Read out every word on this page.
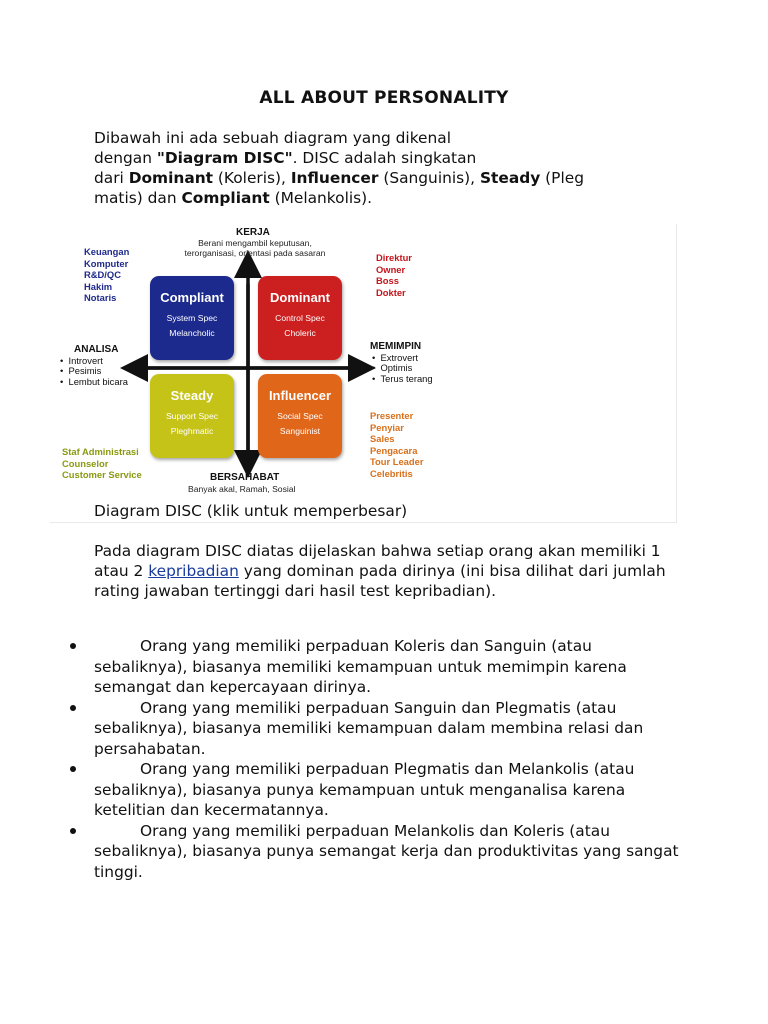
ALL ABOUT PERSONALITY
Dibawah ini ada sebuah diagram yang dikenal
dengan "Diagram DISC". DISC adalah singkatan
dari Dominant (Koleris), Influencer (Sanguinis), Steady (Pleg
matis) dan Compliant (Melankolis).
Compliant
System Spec
Melancholic
Dominant
Control Spec
Choleric
Steady
Support Spec
Pleghmatic
Influencer
Social Spec
Sanguinist
KERJA
Berani mengambil keputusan,
terorganisasi, orientasi pada sasaran
BERSAHABAT
Banyak akal, Ramah, Sosial
ANALISA
•  Introvert
•  Pesimis
•  Lembut bicara
MEMIMPIN
•  Extrovert
•  Optimis
•  Terus terang
Keuangan
Komputer
R&D/QC
Hakim
Notaris
Direktur
Owner
Boss
Dokter
Staf Administrasi
Counselor
Customer Service
Presenter
Penyiar
Sales
Pengacara
Tour Leader
Celebritis
Diagram DISC (klik untuk memperbesar)
Pada diagram DISC diatas dijelaskan bahwa setiap orang akan memiliki 1 atau 2 kepribadian yang dominan pada dirinya (ini bisa dilihat dari jumlah rating jawaban tertinggi dari hasil test kepribadian).
Orang yang memiliki perpaduan Koleris dan Sanguin (atau sebaliknya), biasanya memiliki kemampuan untuk memimpin karena semangat dan kepercayaan dirinya.
Orang yang memiliki perpaduan Sanguin dan Plegmatis (atau sebaliknya), biasanya memiliki kemampuan dalam membina relasi dan persahabatan.
Orang yang memiliki perpaduan Plegmatis dan Melankolis (atau sebaliknya), biasanya punya kemampuan untuk menganalisa karena ketelitian dan kecermatannya.
Orang yang memiliki perpaduan Melankolis dan Koleris (atau sebaliknya), biasanya punya semangat kerja dan produktivitas yang sangat tinggi.
